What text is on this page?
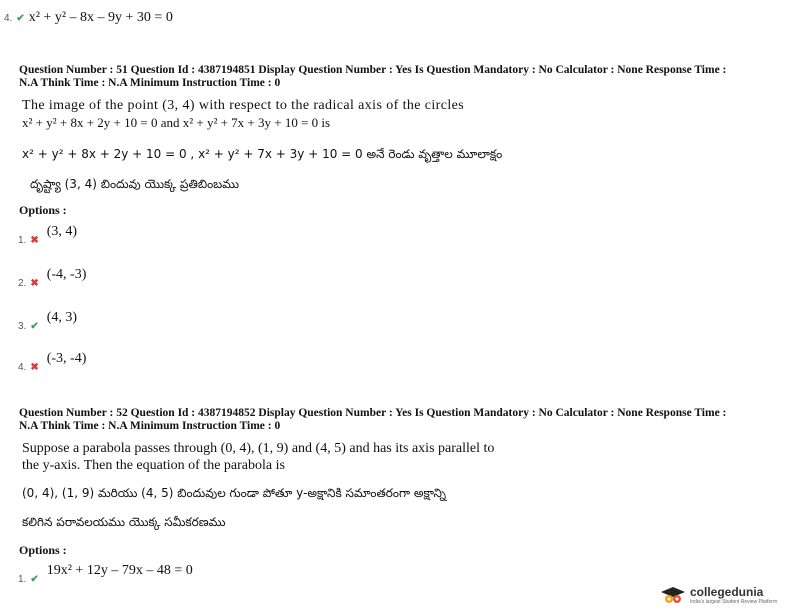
4. ✔ x² + y² – 8x – 9y + 30 = 0
Question Number : 51 Question Id : 4387194851 Display Question Number : Yes Is Question Mandatory : No Calculator : None Response Time :
N.A Think Time : N.A Minimum Instruction Time : 0
The image of the point (3, 4) with respect to the radical axis of the circles
x² + y² + 8x + 2y + 10 = 0 and x² + y² + 7x + 3y + 10 = 0 is
x² + y² + 8x + 2y + 10 = 0 , x² + y² + 7x + 3y + 10 = 0 అనే రెండు వృత్తాల మూలాక్షం
దృష్ట్యా (3, 4) బిందువు యొక్క ప్రతిబింబము
Options :
$_{1.}$ ✖ (3, 4)
$_{2.}$ ✖ (-4, -3)
$_{3.}$ ✔ (4, 3)
$_{4.}$ ✖ (-3, -4)
Question Number : 52 Question Id : 4387194852 Display Question Number : Yes Is Question Mandatory : No Calculator : None Response Time :
N.A Think Time : N.A Minimum Instruction Time : 0
Suppose a parabola passes through (0, 4), (1, 9) and (4, 5) and has its axis parallel to
the y-axis. Then the equation of the parabola is
(0, 4), (1, 9) మరియు (4, 5) బిందువుల గుండా పోతూ y-అక్షానికి సమాంతరంగా అక్షాన్ని
కలిగిన పరావలయము యొక్క సమీకరణము
Options :
$_{1.}$ ✔ 19x² + 12y – 79x – 48 = 0
collegedunia
India's largest Student Review Platform
